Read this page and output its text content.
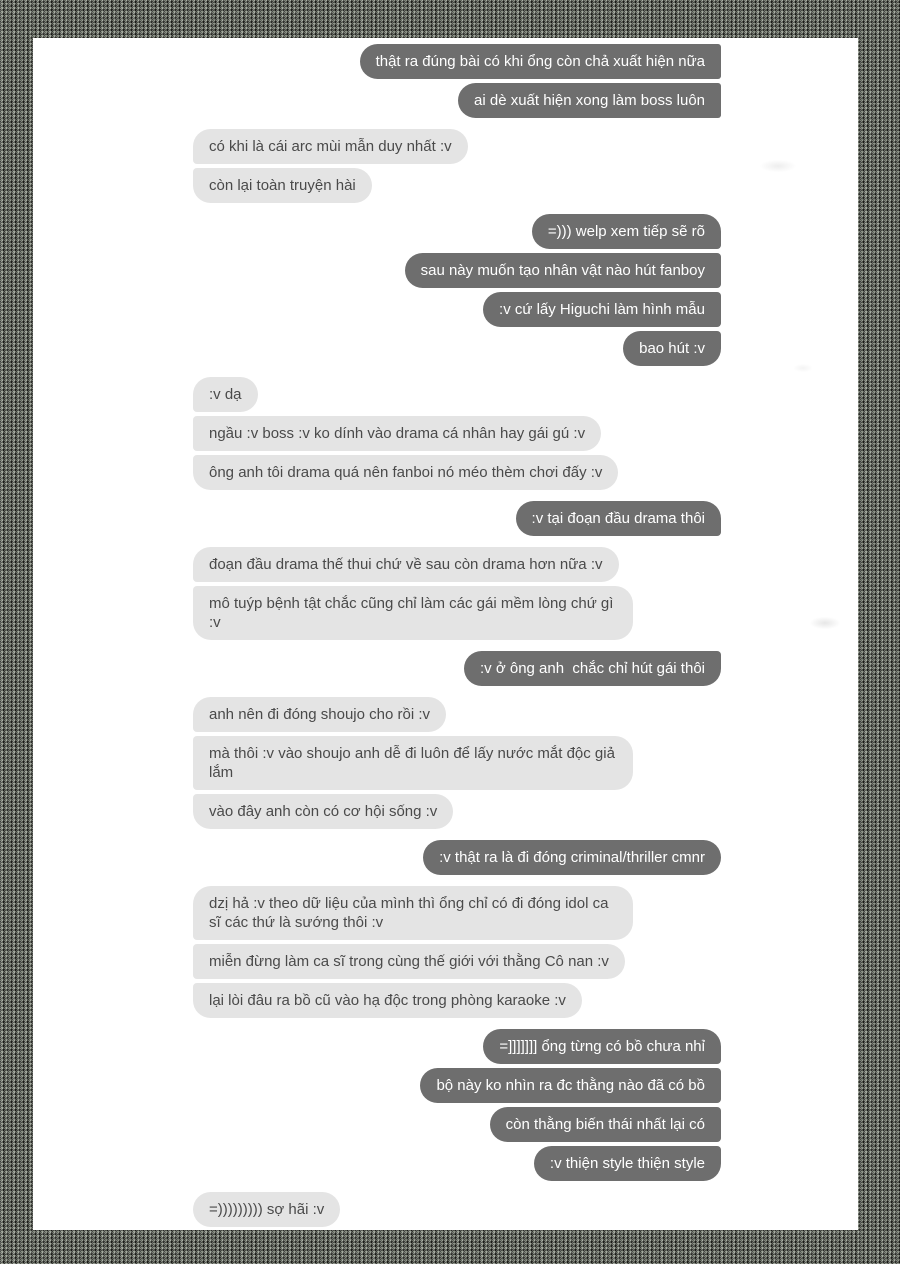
thật ra đúng bài có khi ổng còn chả xuất hiện nữa
ai dè xuất hiện xong làm boss luôn
có khi là cái arc mùi mẫn duy nhất :v
còn lại toàn truyện hài
=))) welp xem tiếp sẽ rõ
sau này muốn tạo nhân vật nào hút fanboy
:v cứ lấy Higuchi làm hình mẫu
bao hút :v
:v dạ
ngầu :v boss :v ko dính vào drama cá nhân hay gái gú :v
ông anh tôi drama quá nên fanboi nó méo thèm chơi đấy :v
:v tại đoạn đầu drama thôi
đoạn đầu drama thế thui chứ về sau còn drama hơn nữa :v
mô tuýp bệnh tật chắc cũng chỉ làm các gái mềm lòng chứ gì :v
:v ở ông anh  chắc chỉ hút gái thôi
anh nên đi đóng shoujo cho rồi :v
mà thôi :v vào shoujo anh dễ đi luôn để lấy nước mắt độc giả lắm
vào đây anh còn có cơ hội sống :v
:v thật ra là đi đóng criminal/thriller cmnr
dzị hả :v theo dữ liệu của mình thì ổng chỉ có đi đóng idol ca sĩ các thứ là sướng thôi :v
miễn đừng làm ca sĩ trong cùng thế giới với thằng Cô nan :v
lại lòi đâu ra bồ cũ vào hạ độc trong phòng karaoke :v
=]]]]]]] ổng từng có bồ chưa nhỉ
bộ này ko nhìn ra đc thằng nào đã có bồ
còn thằng biến thái nhất lại có
:v thiện style thiện style
=))))))))) sợ hãi :v
